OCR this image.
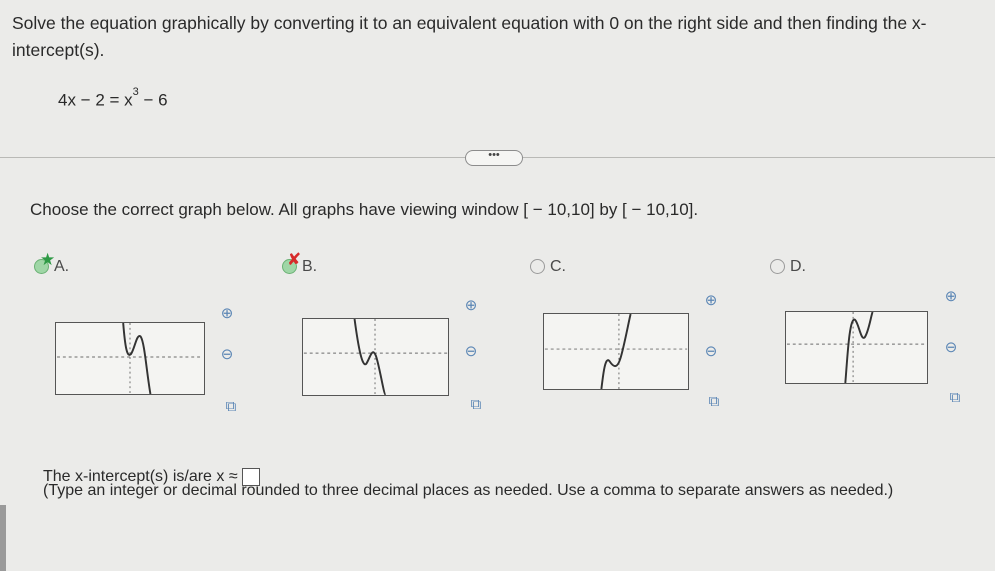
Solve the equation graphically by converting it to an equivalent equation with 0 on the right side and then finding the x-intercept(s).

$4x - 2 = x^3 - 6$
•••
Choose the correct graph below. All graphs have viewing window [ − 10,10] by [ − 10,10].
A.
★
⊕
⊖
⧉
B.
✘
⊕
⊖
⧉
C.
⊕
⊖
⧉
D.
⊕
⊖
⧉
The x-intercept(s) is/are x ≈

(Type an integer or decimal rounded to three decimal places as needed. Use a comma to separate answers as needed.)
